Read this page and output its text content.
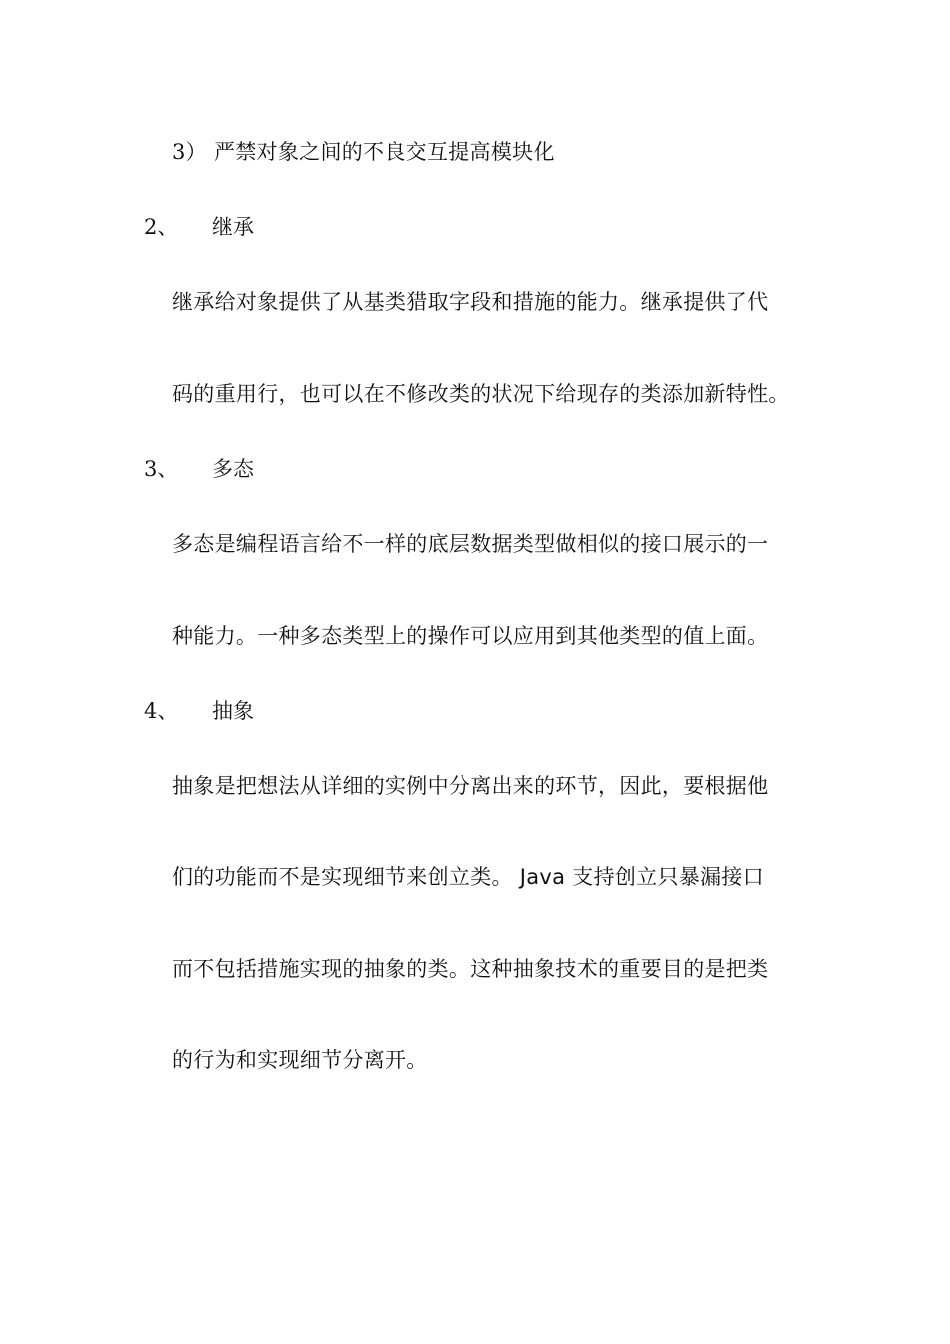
3） 严禁对象之间的不良交互提高模块化
2、 继承
继承给对象提供了从基类猎取字段和措施的能力。继承提供了代
码的重用行，也可以在不修改类的状况下给现存的类添加新特性。
3、 多态
多态是编程语言给不一样的底层数据类型做相似的接口展示的一
种能力。一种多态类型上的操作可以应用到其他类型的值上面。
4、 抽象
抽象是把想法从详细的实例中分离出来的环节，因此，要根据他
们的功能而不是实现细节来创立类。 Java 支持创立只暴漏接口
而不包括措施实现的抽象的类。这种抽象技术的重要目的是把类
的行为和实现细节分离开。
